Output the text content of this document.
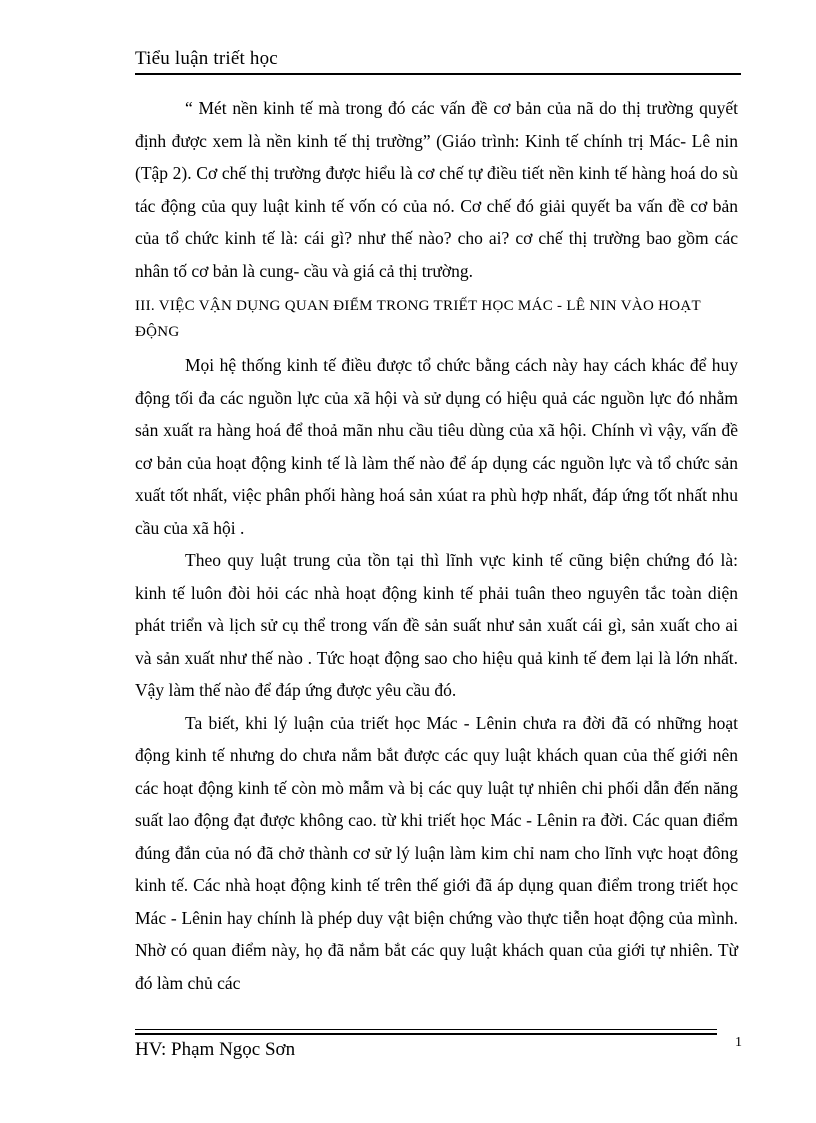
Tiểu luận triết học

“ Mét nền kinh tế mà trong đó các vấn đề cơ bản của nã do thị trường quyết định được xem là nền kinh tế thị trường” (Giáo trình: Kinh tế chính trị Mác- Lê nin (Tập 2). Cơ chế thị trường được hiểu là cơ chế tự điều tiết nền kinh tế hàng hoá do sù tác động của quy luật kinh tế vốn có của nó. Cơ chế đó giải quyết ba vấn đề cơ bản của tổ chức kinh tế là: cái gì? như thế nào? cho ai? cơ chế thị trường bao gồm các nhân tố cơ bản là cung- cầu và giá cả thị trường.

III. VIỆC VẬN DỤNG QUAN ĐIỂM TRONG TRIẾT HỌC MÁC - LÊ NIN VÀO HOẠT ĐỘNG

Mọi hệ thống kinh tế điều được tổ chức bằng cách này hay cách khác để huy động tối đa các nguồn lực của xã hội và sử dụng có hiệu quả các nguồn lực đó nhằm sản xuất ra hàng hoá để thoả mãn nhu cầu tiêu dùng của xã hội. Chính vì vậy, vấn đề cơ bản của hoạt động kinh tế là làm thế nào để áp dụng các nguồn lực và tổ chức sản xuất tốt nhất, việc phân phối hàng hoá sản xúat ra phù hợp nhất, đáp ứng tốt nhất nhu cầu của xã hội .

Theo quy luật trung của tồn tại thì lĩnh vực kinh tế cũng biện chứng đó là: kinh tế luôn đòi hỏi các nhà hoạt động kinh tế phải tuân theo nguyên tắc toàn diện phát triển và lịch sử cụ thể trong vấn đề sản suất như sản xuất cái gì, sản xuất cho ai và sản xuất như thế nào . Tức hoạt động sao cho hiệu quả kinh tế đem lại là lớn nhất. Vậy làm thế nào để đáp ứng được yêu cầu đó.

Ta biết, khi lý luận của triết học Mác - Lênin chưa ra đời đã có những hoạt động kinh tế nhưng do chưa nắm bắt được các quy luật khách quan của thế giới nên các hoạt động kinh tế còn mò mẫm và bị các quy luật tự nhiên chi phối dẫn đến năng suất lao động đạt được không cao. từ khi triết học Mác - Lênin ra đời. Các quan điểm đúng đắn của nó đã chở thành cơ sử lý luận làm kim chỉ nam cho lĩnh vực hoạt đông kinh tế. Các nhà hoạt động kinh tế trên thế giới đã áp dụng quan điểm trong triết học Mác - Lênin hay chính là phép duy vật biện chứng vào thực tiễn hoạt động của mình. Nhờ có quan điểm này, họ đã nắm bắt các quy luật khách quan của giới tự nhiên. Từ đó làm chủ các

HV: Phạm Ngọc Sơn	1
